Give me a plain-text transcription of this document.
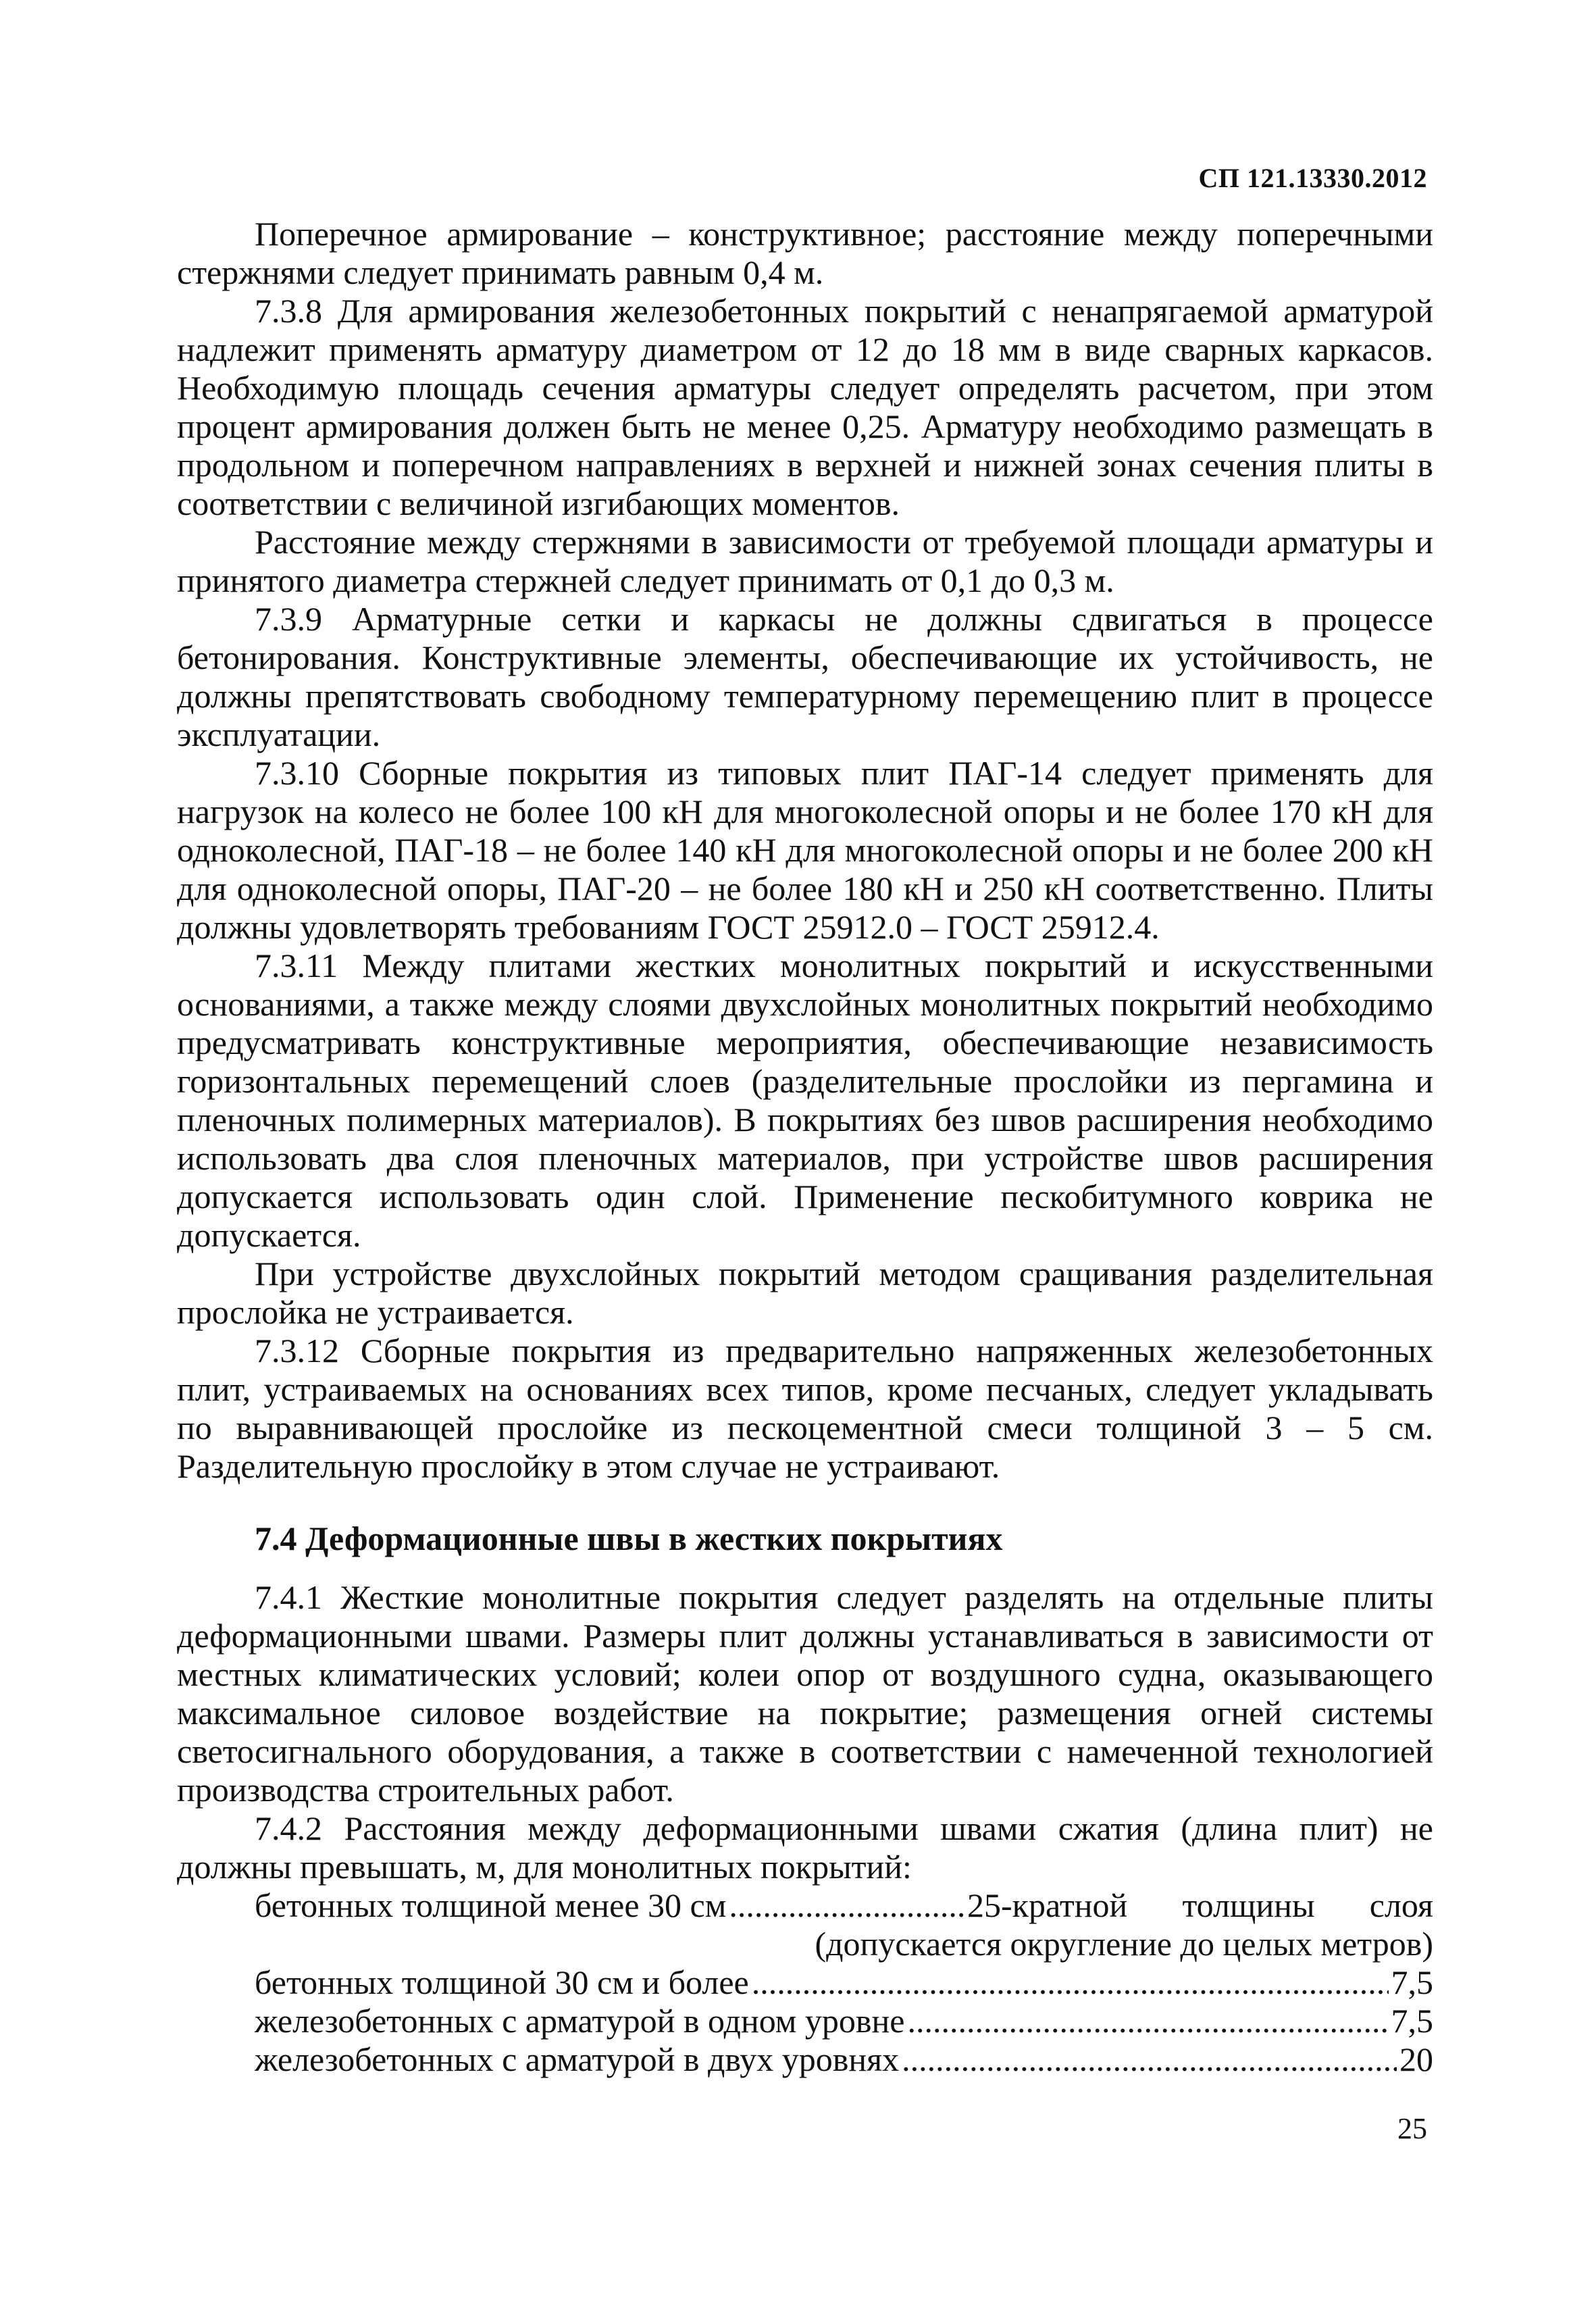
СП 121.13330.2012

Поперечное армирование – конструктивное; расстояние между поперечными стержнями следует принимать равным 0,4 м.

7.3.8 Для армирования железобетонных покрытий с ненапрягаемой арматурой надлежит применять арматуру диаметром от 12 до 18 мм в виде сварных каркасов. Необходимую площадь сечения арматуры следует определять расчетом, при этом процент армирования должен быть не менее 0,25. Арматуру необходимо размещать в продольном и поперечном направлениях в верхней и нижней зонах сечения плиты в соответствии с величиной изгибающих моментов.

Расстояние между стержнями в зависимости от требуемой площади арматуры и принятого диаметра стержней следует принимать от 0,1 до 0,3 м.

7.3.9 Арматурные сетки и каркасы не должны сдвигаться в процессе бетонирования. Конструктивные элементы, обеспечивающие их устойчивость, не должны препятствовать свободному температурному перемещению плит в процессе эксплуатации.

7.3.10 Сборные покрытия из типовых плит ПАГ-14 следует применять для нагрузок на колесо не более 100 кН для многоколесной опоры и не более 170 кН для одноколесной, ПАГ-18 – не более 140 кН для многоколесной опоры и не более 200 кН для одноколесной опоры, ПАГ-20 – не более 180 кН и 250 кН соответственно. Плиты должны удовлетворять требованиям ГОСТ 25912.0 – ГОСТ 25912.4.

7.3.11 Между плитами жестких монолитных покрытий и искусственными основаниями, а также между слоями двухслойных монолитных покрытий необходимо предусматривать конструктивные мероприятия, обеспечивающие независимость горизонтальных перемещений слоев (разделительные прослойки из пергамина и пленочных полимерных материалов). В покрытиях без швов расширения необходимо использовать два слоя пленочных материалов, при устройстве швов расширения допускается использовать один слой. Применение пескобитумного коврика не допускается.

При устройстве двухслойных покрытий методом сращивания разделительная прослойка не устраивается.

7.3.12 Сборные покрытия из предварительно напряженных железобетонных плит, устраиваемых на основаниях всех типов, кроме песчаных, следует укладывать по выравнивающей прослойке из пескоцементной смеси толщиной 3 – 5 см. Разделительную прослойку в этом случае не устраивают.

7.4 Деформационные швы в жестких покрытиях

7.4.1 Жесткие монолитные покрытия следует разделять на отдельные плиты деформационными швами. Размеры плит должны устанавливаться в зависимости от местных климатических условий; колеи опор от воздушного судна, оказывающего максимальное силовое воздействие на покрытие; размещения огней системы светосигнального оборудования, а также в соответствии с намеченной технологией производства строительных работ.

7.4.2 Расстояния между деформационными швами сжатия (длина плит) не должны превышать, м, для монолитных покрытий:

бетонных толщиной менее 30 см .....	25-кратной толщины слоя

(допускается округление до целых метров)

бетонных толщиной 30 см и более .....	7,5
железобетонных с арматурой в одном уровне .....	7,5
железобетонных с арматурой в двух уровнях .....	20
25
